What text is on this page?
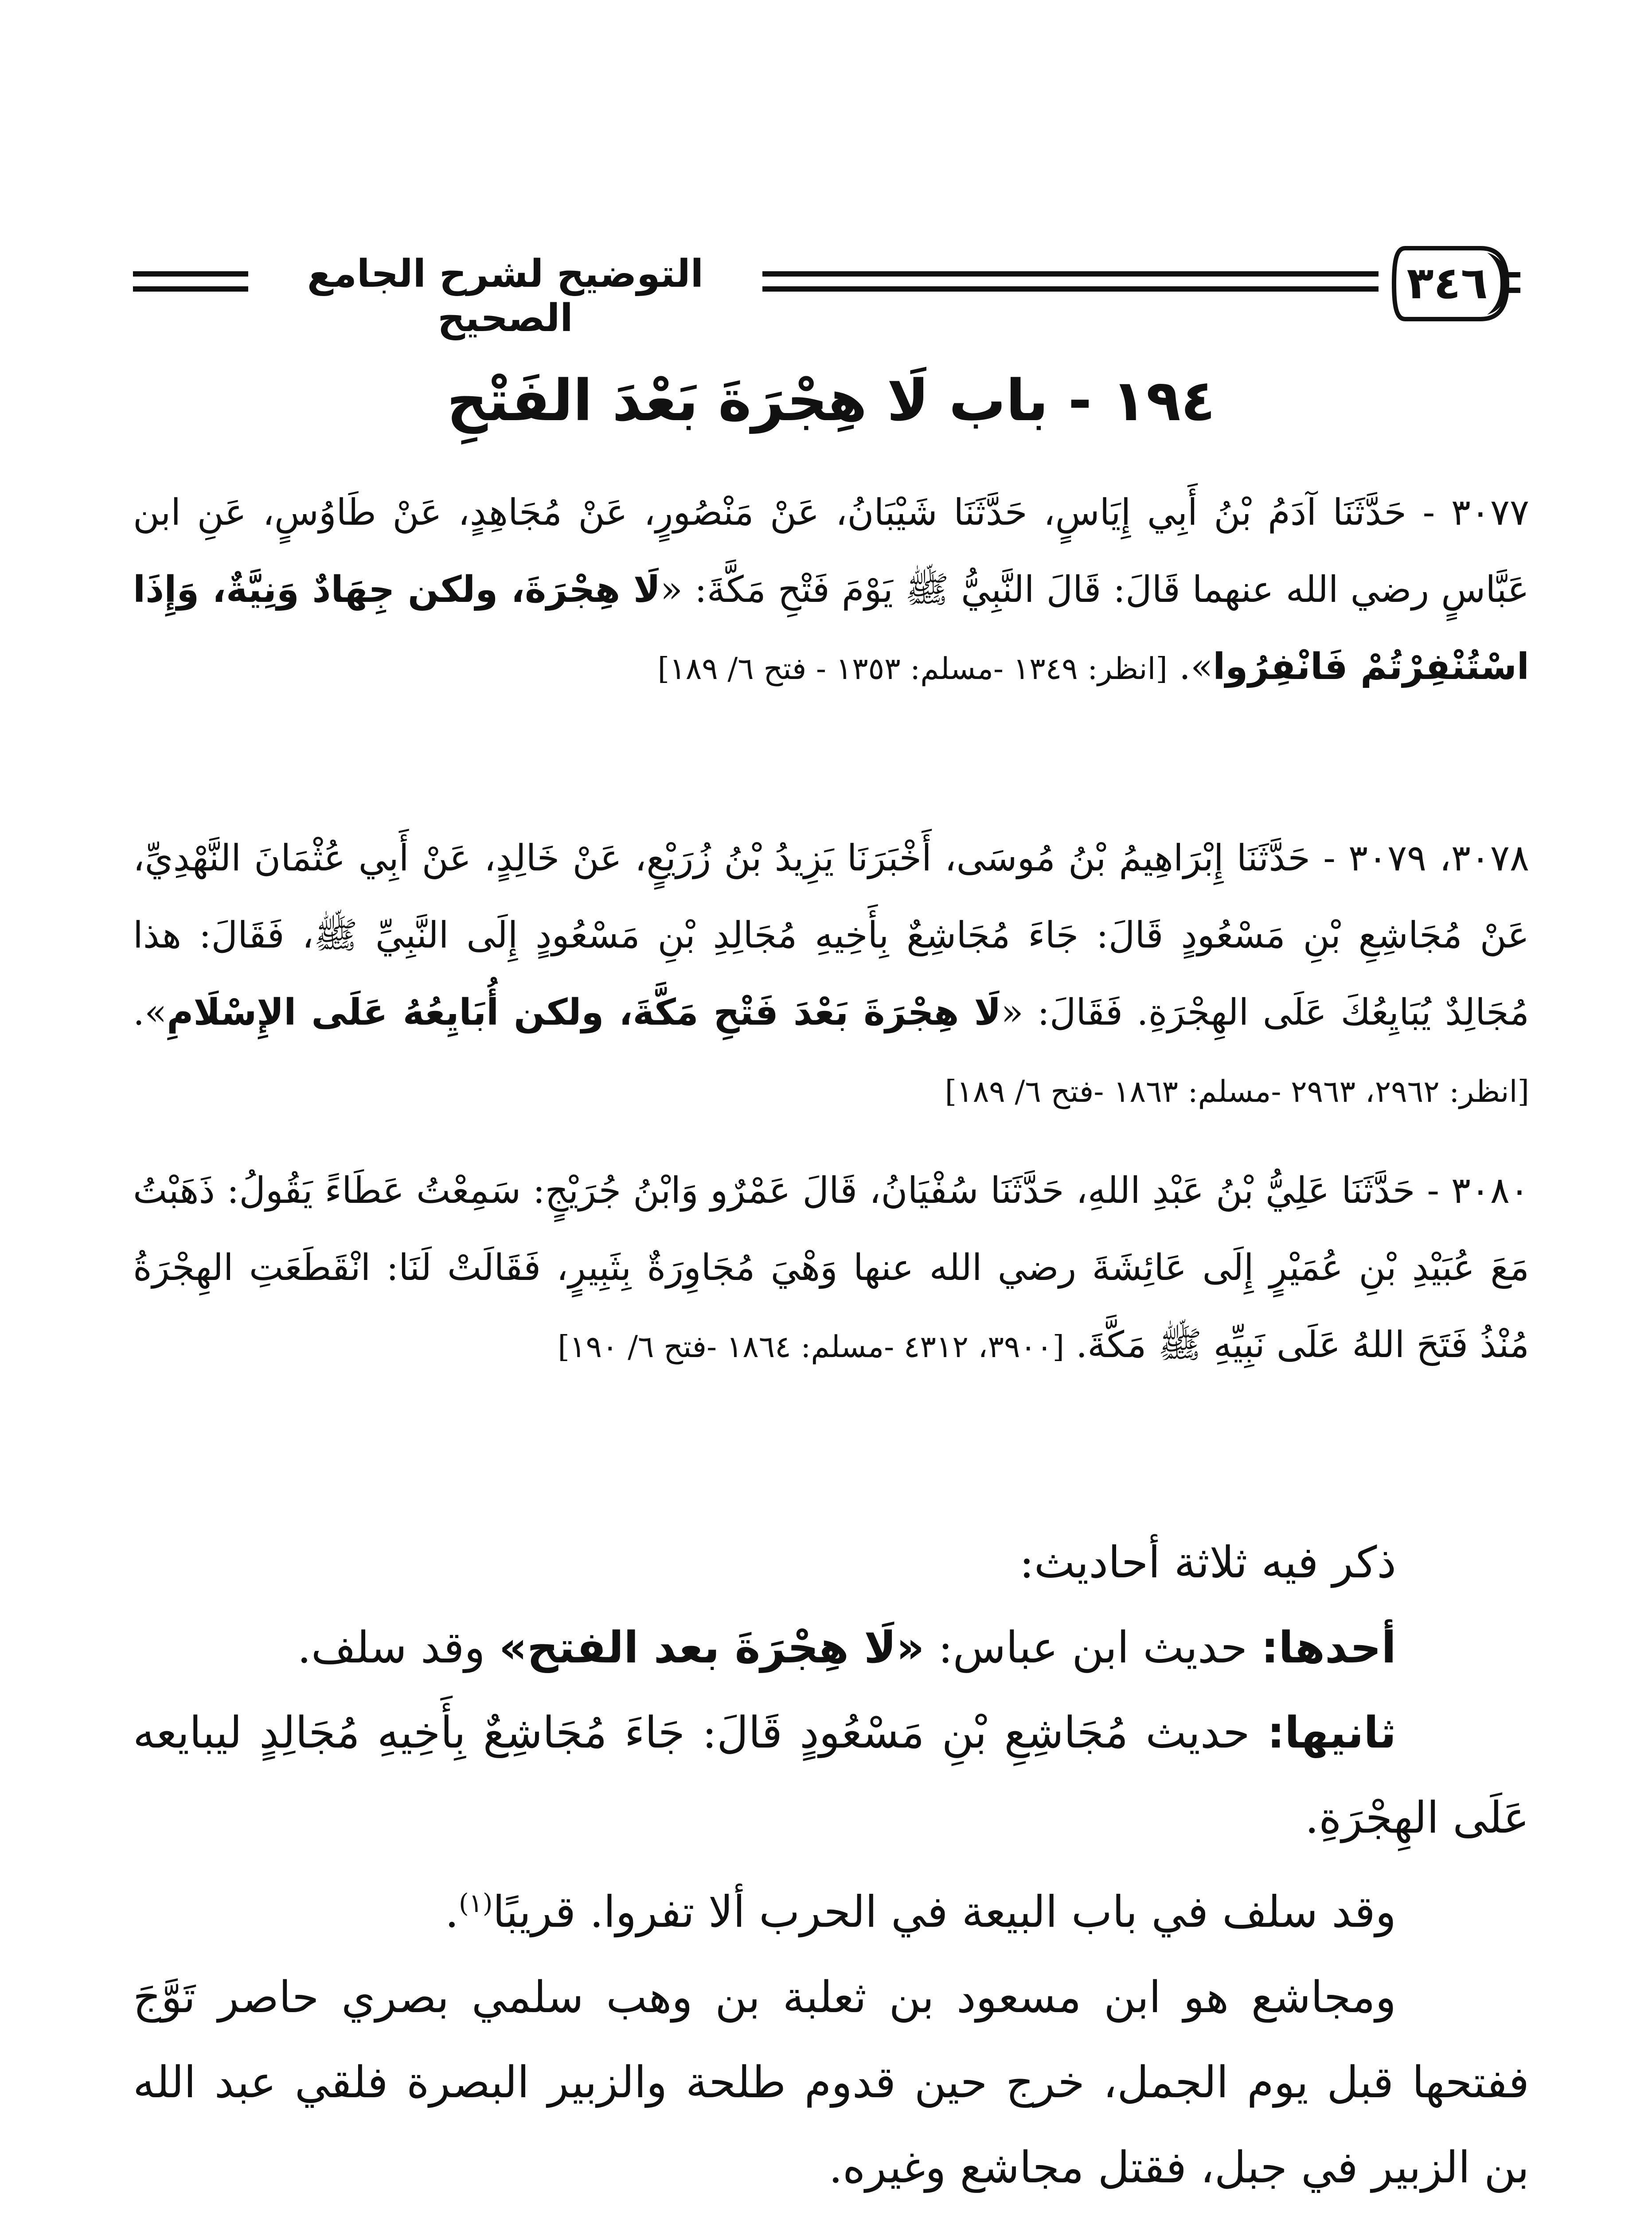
التوضيح لشرح الجامع الصحيح
٣٤٦
١٩٤ - باب لَا هِجْرَةَ بَعْدَ الفَتْحِ
٣٠٧٧ - حَدَّثَنَا آدَمُ بْنُ أَبِي إِيَاسٍ، حَدَّثَنَا شَيْبَانُ، عَنْ مَنْصُورٍ، عَنْ مُجَاهِدٍ، عَنْ طَاوُسٍ، عَنِ ابن عَبَّاسٍ رضي الله عنهما قَالَ: قَالَ النَّبِيُّ ﷺ يَوْمَ فَتْحِ مَكَّةَ: «لَا هِجْرَةَ، ولكن جِهَادٌ وَنِيَّةٌ، وَإِذَا اسْتُنْفِرْتُمْ فَانْفِرُوا». [انظر: ١٣٤٩ -مسلم: ١٣٥٣ - فتح ٦/ ١٨٩]
٣٠٧٨، ٣٠٧٩ - حَدَّثَنَا إِبْرَاهِيمُ بْنُ مُوسَى، أَخْبَرَنَا يَزِيدُ بْنُ زُرَيْعٍ، عَنْ خَالِدٍ، عَنْ أَبِي عُثْمَانَ النَّهْدِيِّ، عَنْ مُجَاشِعِ بْنِ مَسْعُودٍ قَالَ: جَاءَ مُجَاشِعٌ بِأَخِيهِ مُجَالِدِ بْنِ مَسْعُودٍ إِلَى النَّبِيِّ ﷺ، فَقَالَ: هذا مُجَالِدٌ يُبَايِعُكَ عَلَى الهِجْرَةِ. فَقَالَ: «لَا هِجْرَةَ بَعْدَ فَتْحِ مَكَّةَ، ولكن أُبَايِعُهُ عَلَى الإِسْلَامِ». [انظر: ٢٩٦٢، ٢٩٦٣ -مسلم: ١٨٦٣ -فتح ٦/ ١٨٩]
٣٠٨٠ - حَدَّثَنَا عَلِيُّ بْنُ عَبْدِ اللهِ، حَدَّثَنَا سُفْيَانُ، قَالَ عَمْرٌو وَابْنُ جُرَيْجٍ: سَمِعْتُ عَطَاءً يَقُولُ: ذَهَبْتُ مَعَ عُبَيْدِ بْنِ عُمَيْرٍ إِلَى عَائِشَةَ رضي الله عنها وَهْيَ مُجَاوِرَةٌ بِثَبِيرٍ، فَقَالَتْ لَنَا: انْقَطَعَتِ الهِجْرَةُ مُنْذُ فَتَحَ اللهُ عَلَى نَبِيِّهِ ﷺ مَكَّةَ. [٣٩٠٠، ٤٣١٢ -مسلم: ١٨٦٤ -فتح ٦/ ١٩٠]
ذكر فيه ثلاثة أحاديث:
أحدها: حديث ابن عباس: «لَا هِجْرَةَ بعد الفتح» وقد سلف.
ثانيها: حديث مُجَاشِعِ بْنِ مَسْعُودٍ قَالَ: جَاءَ مُجَاشِعٌ بِأَخِيهِ مُجَالِدٍ ليبايعه عَلَى الهِجْرَةِ.
وقد سلف في باب البيعة في الحرب ألا تفروا. قريبًا$^{(١)}$.
ومجاشع هو ابن مسعود بن ثعلبة بن وهب سلمي بصري حاصر تَوَّجَ ففتحها قبل يوم الجمل، خرج حين قدوم طلحة والزبير البصرة فلقي عبد الله بن الزبير في جبل، فقتل مجاشع وغيره.
